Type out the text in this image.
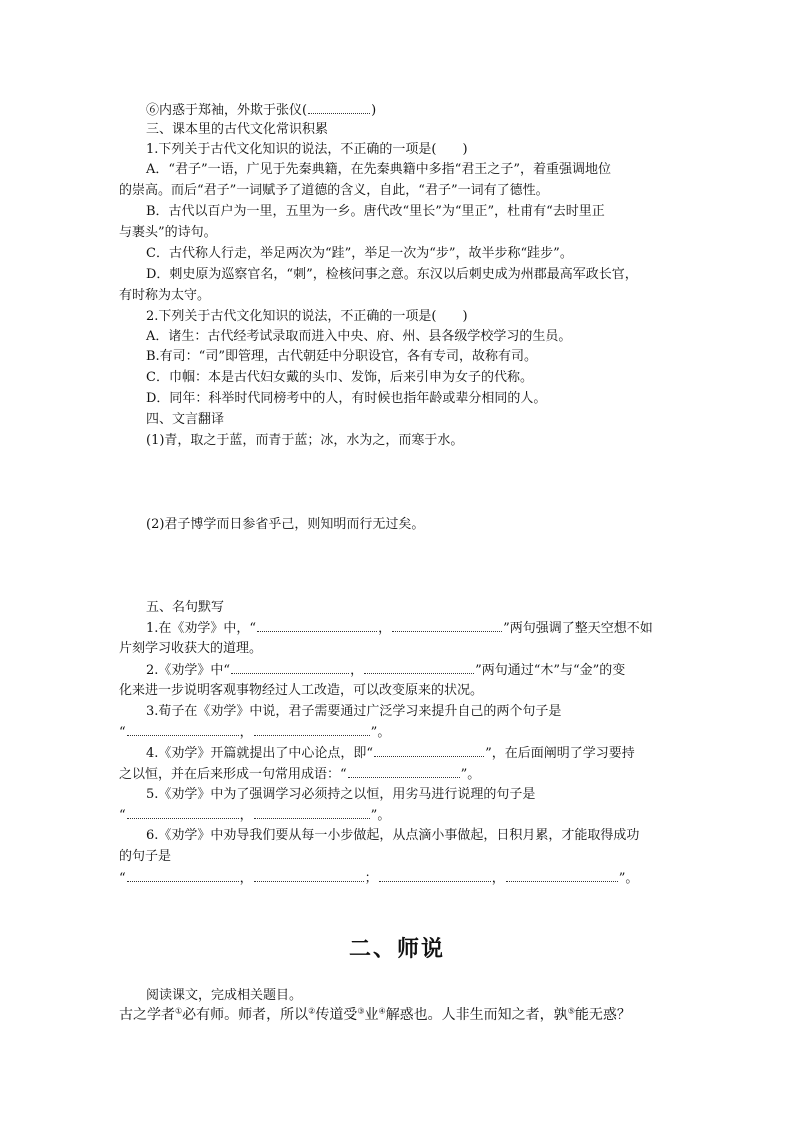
⑥内惑于郑袖，外欺于张仪(	)
三、课本里的古代文化常识积累
1.下列关于古代文化知识的说法，不正确的一项是(　　)
A．“君子”一语，广见于先秦典籍，在先秦典籍中多指“君王之子”，着重强调地位
的崇高。而后“君子”一词赋予了道德的含义，自此，“君子”一词有了德性。
B．古代以百户为一里，五里为一乡。唐代改“里长”为“里正”，杜甫有“去时里正
与裹头”的诗句。
C．古代称人行走，举足两次为“跬”，举足一次为“步”，故半步称“跬步”。
D．刺史原为巡察官名，“刺”，检核问事之意。东汉以后刺史成为州郡最高军政长官，
有时称为太守。
2.下列关于古代文化知识的说法，不正确的一项是(　　)
A．诸生：古代经考试录取而进入中央、府、州、县各级学校学习的生员。
B.有司：“司”即管理，古代朝廷中分职设官，各有专司，故称有司。
C．巾帼：本是古代妇女戴的头巾、发饰，后来引申为女子的代称。
D．同年：科举时代同榜考中的人，有时候也指年龄或辈分相同的人。
四、文言翻译
(1)青，取之于蓝，而青于蓝；冰，水为之，而寒于水。
(2)君子博学而日参省乎己，则知明而行无过矣。
五、名句默写
1.在《劝学》中，“	，	”两句强调了整天空想不如
片刻学习收获大的道理。
2.《劝学》中“	，	”两句通过“木”与“金”的变
化来进一步说明客观事物经过人工改造，可以改变原来的状况。
3.荀子在《劝学》中说，君子需要通过广泛学习来提升自己的两个句子是
“	，	”。
4.《劝学》开篇就提出了中心论点，即“	”，在后面阐明了学习要持
之以恒，并在后来形成一句常用成语：“	”。
5.《劝学》中为了强调学习必须持之以恒，用劣马进行说理的句子是
“	，	”。
6.《劝学》中劝导我们要从每一小步做起，从点滴小事做起，日积月累，才能取得成功
的句子是
“	，	；	，	”。
二、师说
阅读课文，完成相关题目。
古之学者①必有师。师者，所以②传道受③业④解惑也。人非生而知之者，孰⑤能无惑？
